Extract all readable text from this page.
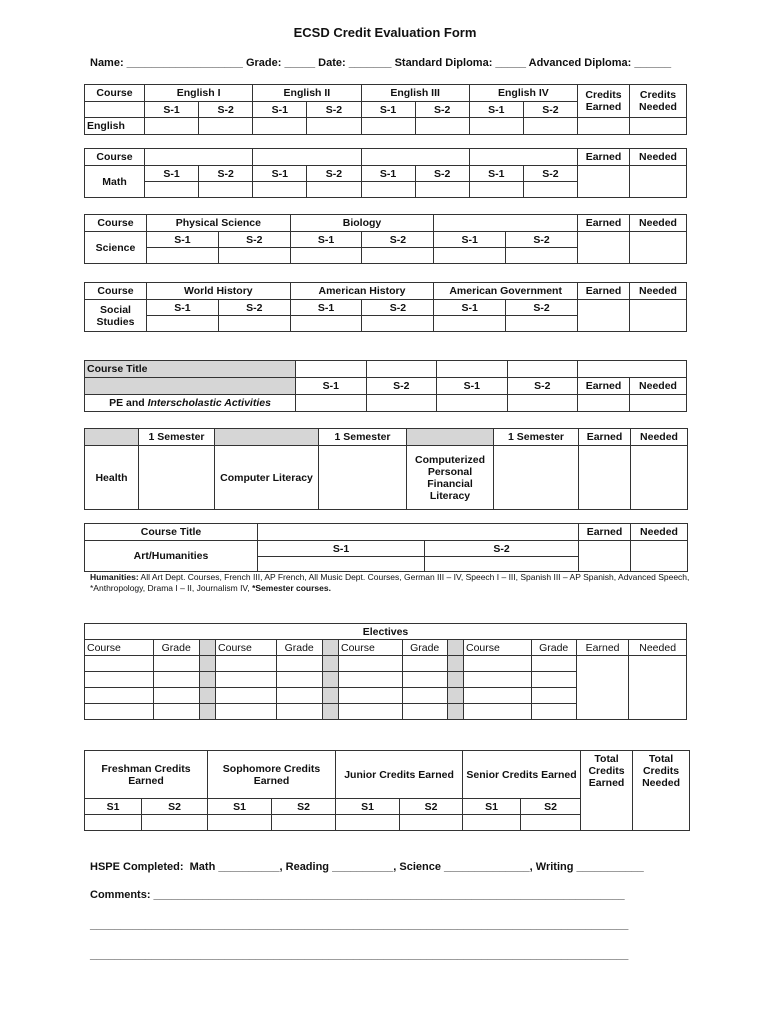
ECSD Credit Evaluation Form
Name: ___________________ Grade: _____ Date: _______ Standard Diploma: _____ Advanced Diploma: ______
Course	English I		English II		English III		English IV		Credits Earned	Credits Needed
	S-1	S-2	S-1	S-2	S-1	S-2	S-1	S-2		
English										
Course									Earned	Needed
Math	S-1	S-2	S-1	S-2	S-1	S-2	S-1	S-2		

Course	Physical Science		Biology				Earned	Needed
Science	S-1	S-2	S-1	S-2	S-1	S-2		

Course	World History		American History		American Government		Earned	Needed
Social Studies	S-1	S-2	S-1	S-2	S-1	S-2		

Course Title						
	S-1	S-2	S-1	S-2	Earned	Needed
PE and Interscholastic Activities						
	1 Semester		1 Semester		1 Semester	Earned	Needed
Health		Computer Literacy		Computerized Personal Financial Literacy			
Course Title			Earned	Needed
Art/Humanities	S-1	S-2		

Humanities: All Art Dept. Courses, French III, AP French, All Music Dept. Courses, German III – IV, Speech I – III, Spanish III – AP Spanish, Advanced Speech, *Anthropology, Drama I – II, Journalism IV, *Semester courses.
Electives												
Course	Grade		Course	Grade		Course	Grade		Course	Grade	Earned	Needed

Freshman Credits Earned		Sophomore Credits Earned		Junior Credits Earned		Senior Credits Earned		Total Credits Earned	Total Credits Needed
S1	S2	S1	S2	S1	S2	S1	S2		

HSPE Completed:  Math __________, Reading __________, Science ______________, Writing ___________
Comments: _____________________________________________________________________________
________________________________________________________________________________________
________________________________________________________________________________________
